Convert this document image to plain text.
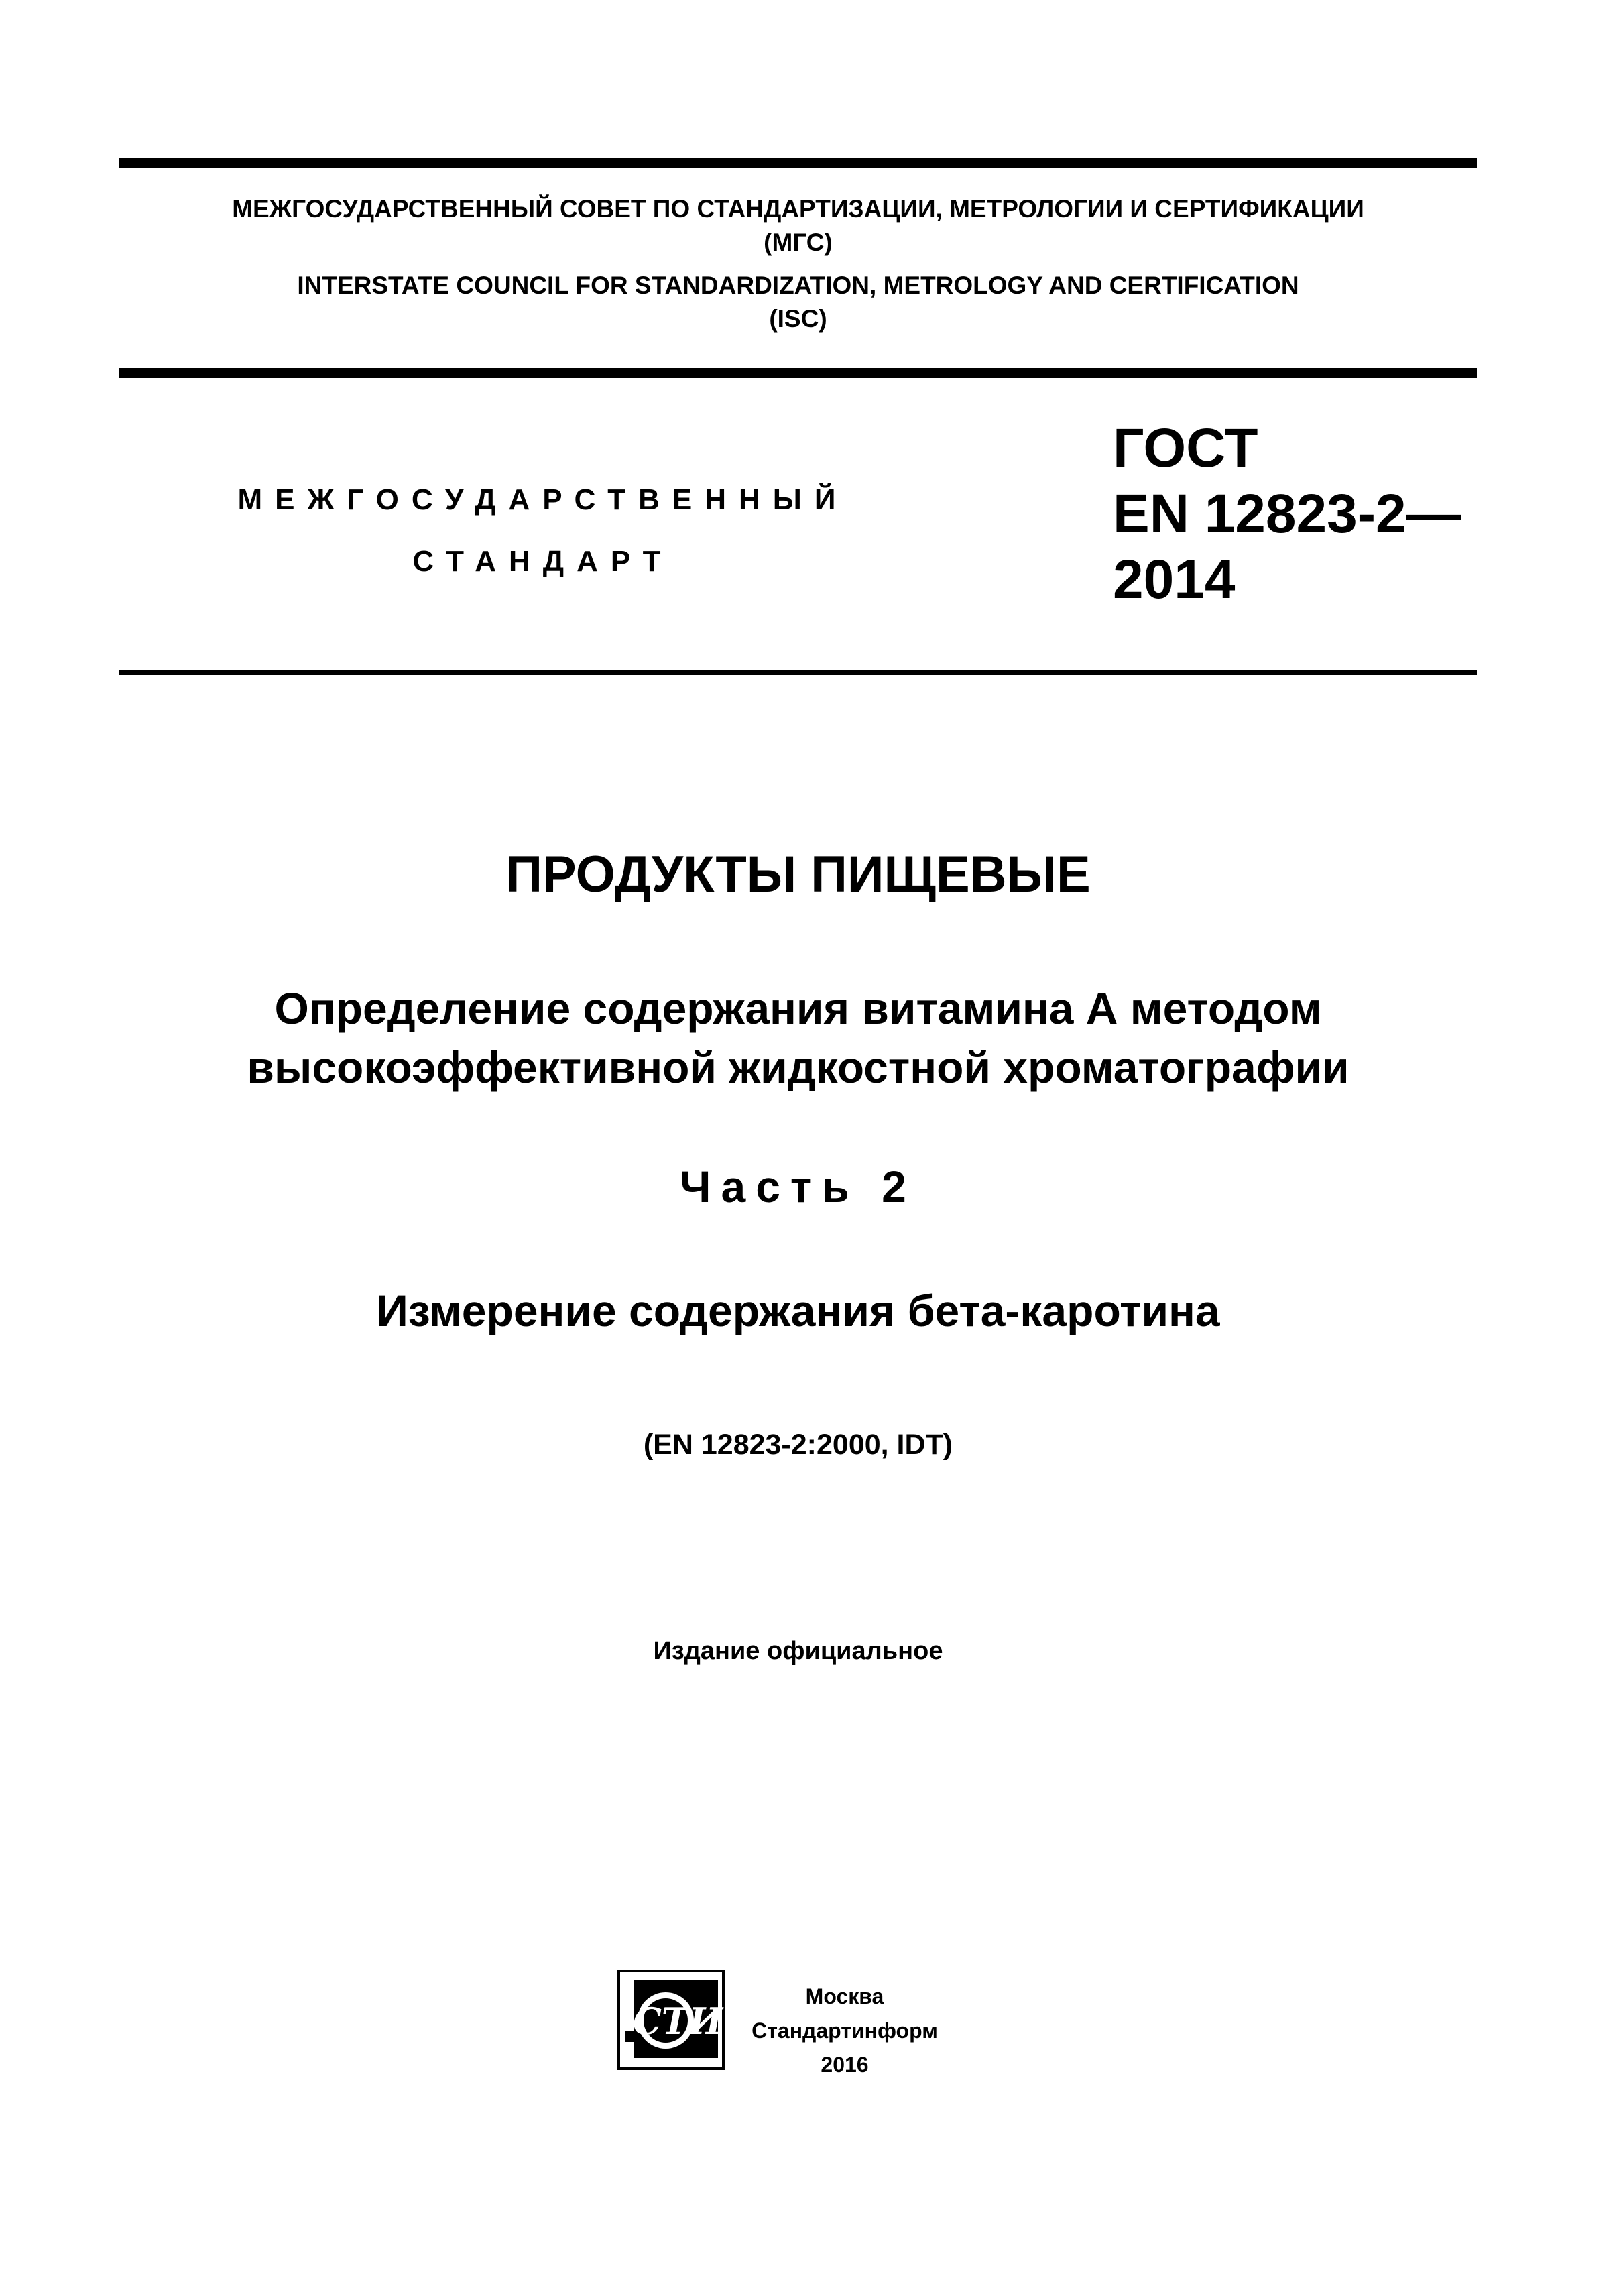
МЕЖГОСУДАРСТВЕННЫЙ СОВЕТ ПО СТАНДАРТИЗАЦИИ, МЕТРОЛОГИИ И СЕРТИФИКАЦИИ
(МГС)
INTERSTATE COUNCIL FOR STANDARDIZATION, METROLOGY AND CERTIFICATION
(ISC)
МЕЖГОСУДАРСТВЕННЫЙ
СТАНДАРТ
ГОСТ
EN 12823-2—
2014
ПРОДУКТЫ ПИЩЕВЫЕ
Определение содержания витамина А методом
высокоэффективной жидкостной хроматографии
Часть 2
Измерение содержания бета-каротина
(EN 12823-2:2000, IDT)
Издание официальное
СТИ
Москва
Стандартинформ
2016
